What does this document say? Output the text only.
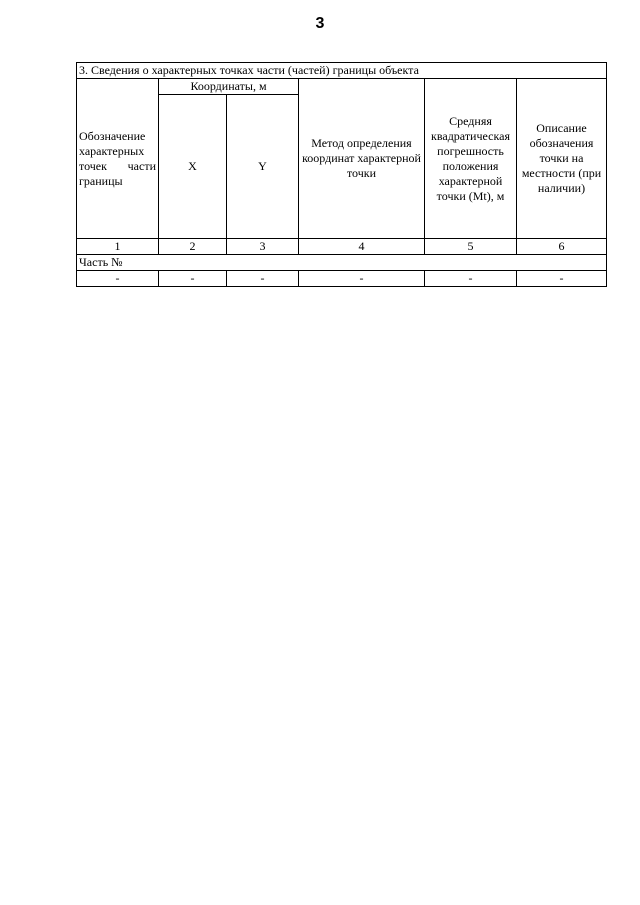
3
3. Сведения о характерных точках части (частей) границы объекта					
Обозначение характерных точек части границы	Координаты, м		Метод определения координат характерной точки	Средняя квадратическая погрешность положения характерной точки (Mt), м	Описание обозначения точки на местности (при наличии)
	X	Y			
1	2	3	4	5	6
Часть №					
-	-	-	-	-	-
